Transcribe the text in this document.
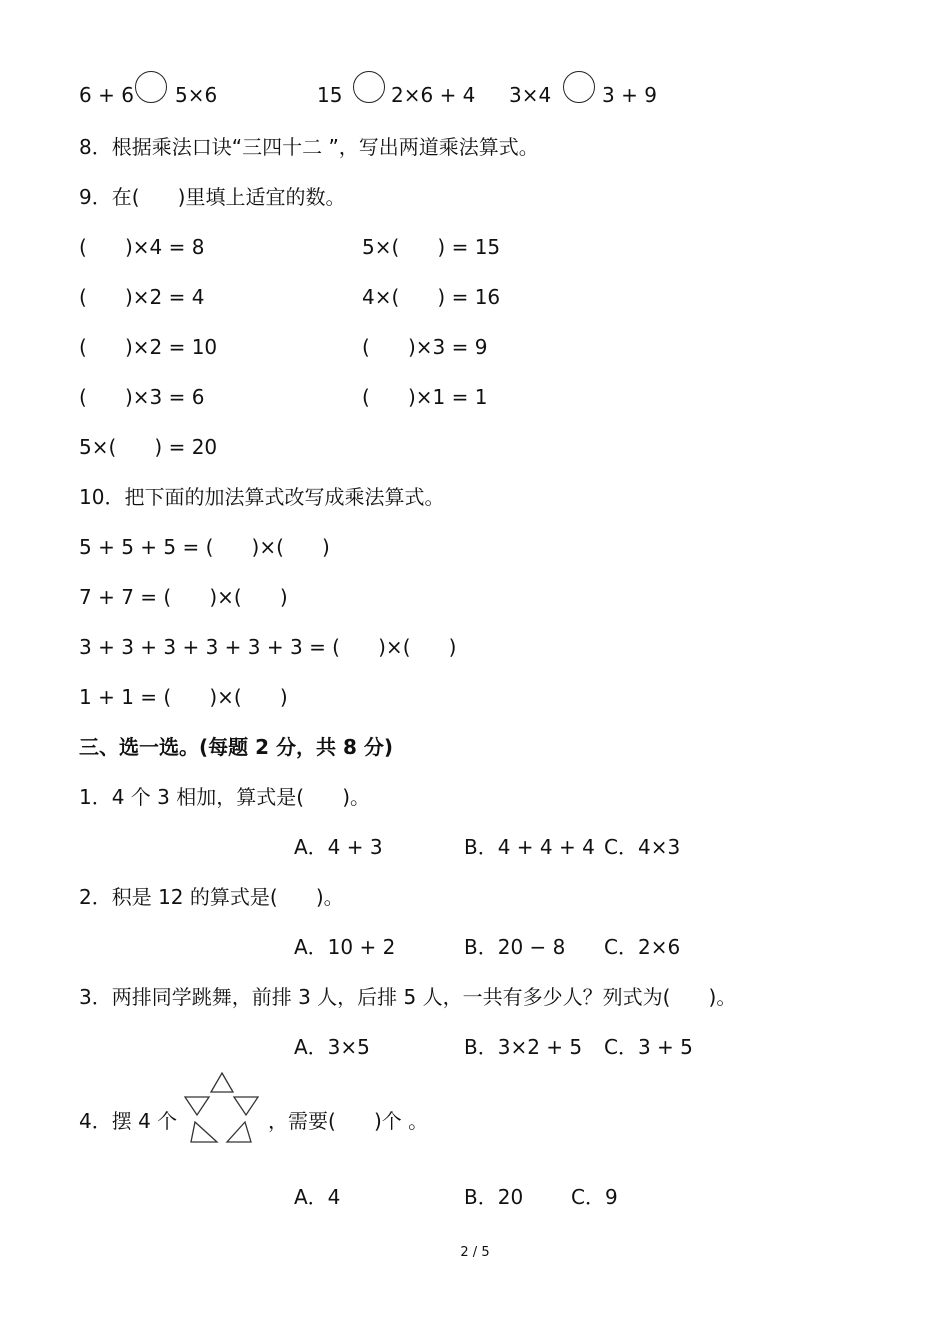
6 + 6 5×6	15 2×6 + 4 3×4	3 + 9
8．根据乘法口诀“三四十二 ”，写出两道乘法算式。
9．在(      )里填上适宜的数。
(      )×4 = 8	5×(      ) = 15
(      )×2 = 4	4×(      ) = 16
(      )×2 = 10	(      )×3 = 9
(      )×3 = 6	(      )×1 = 1
5×(      ) = 20
10．把下面的加法算式改写成乘法算式。
5 + 5 + 5 = (      )×(      )
7 + 7 = (      )×(      )
3 + 3 + 3 + 3 + 3 + 3 = (      )×(      )
1 + 1 = (      )×(      )
三、选一选。(每题 2 分，共 8 分)
1．4 个 3 相加，算式是(      )。
A．4 + 3	B．4 + 4 + 4 C．4×3
2．积是 12 的算式是(      )。
A．10 + 2	B．20 − 8 C．2×6
3．两排同学跳舞，前排 3 人，后排 5 人，一共有多少人？列式为(      )。
A．3×5	B．3×2 + 5 C．3 + 5
4．摆 4 个	，需要(      )个 。
A．4	B．20 C．9
2 / 5
